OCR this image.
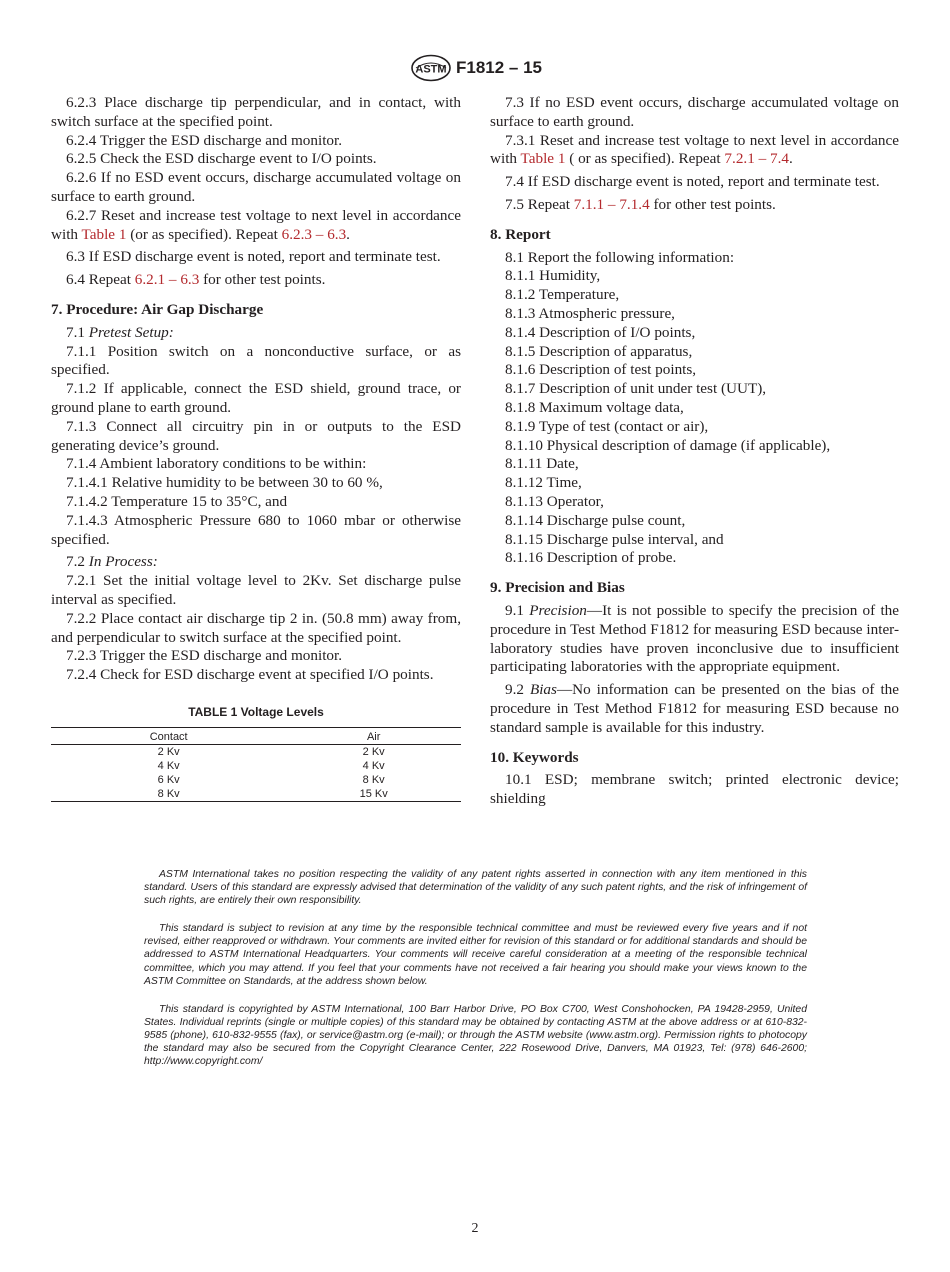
ASTM F1812 – 15

6.2.3 Place discharge tip perpendicular, and in contact, with switch surface at the specified point.

6.2.4 Trigger the ESD discharge and monitor.

6.2.5 Check the ESD discharge event to I/O points.

6.2.6 If no ESD event occurs, discharge accumulated voltage on surface to earth ground.

6.2.7 Reset and increase test voltage to next level in accordance with Table 1 (or as specified). Repeat 6.2.3 – 6.3.

6.3 If ESD discharge event is noted, report and terminate test.

6.4 Repeat 6.2.1 – 6.3 for other test points.

7. Procedure: Air Gap Discharge

7.1 Pretest Setup:

7.1.1 Position switch on a nonconductive surface, or as specified.

7.1.2 If applicable, connect the ESD shield, ground trace, or ground plane to earth ground.

7.1.3 Connect all circuitry pin in or outputs to the ESD generating device’s ground.

7.1.4 Ambient laboratory conditions to be within:

7.1.4.1 Relative humidity to be between 30 to 60 %,

7.1.4.2 Temperature 15 to 35°C, and

7.1.4.3 Atmospheric Pressure 680 to 1060 mbar or otherwise specified.

7.2 In Process:

7.2.1 Set the initial voltage level to 2Kv. Set discharge pulse interval as specified.

7.2.2 Place contact air discharge tip 2 in. (50.8 mm) away from, and perpendicular to switch surface at the specified point.

7.2.3 Trigger the ESD discharge and monitor.

7.2.4 Check for ESD discharge event at specified I/O points.

TABLE 1 Voltage Levels
Contact	Air
2 Kv	2 Kv
4 Kv	4 Kv
6 Kv	8 Kv
8 Kv	15 Kv

7.3 If no ESD event occurs, discharge accumulated voltage on surface to earth ground.

7.3.1 Reset and increase test voltage to next level in accordance with Table 1 ( or as specified). Repeat 7.2.1 – 7.4.

7.4 If ESD discharge event is noted, report and terminate test.

7.5 Repeat 7.1.1 – 7.1.4 for other test points.

8. Report

8.1 Report the following information:

8.1.1 Humidity,

8.1.2 Temperature,

8.1.3 Atmospheric pressure,

8.1.4 Description of I/O points,

8.1.5 Description of apparatus,

8.1.6 Description of test points,

8.1.7 Description of unit under test (UUT),

8.1.8 Maximum voltage data,

8.1.9 Type of test (contact or air),

8.1.10 Physical description of damage (if applicable),

8.1.11 Date,

8.1.12 Time,

8.1.13 Operator,

8.1.14 Discharge pulse count,

8.1.15 Discharge pulse interval, and

8.1.16 Description of probe.

9. Precision and Bias

9.1 Precision—It is not possible to specify the precision of the procedure in Test Method F1812 for measuring ESD because inter-laboratory studies have proven inconclusive due to insufficient participating laboratories with the appropriate equipment.

9.2 Bias—No information can be presented on the bias of the procedure in Test Method F1812 for measuring ESD because no standard sample is available for this industry.

10. Keywords

10.1 ESD; membrane switch; printed electronic device; shielding

ASTM International takes no position respecting the validity of any patent rights asserted in connection with any item mentioned in this standard. Users of this standard are expressly advised that determination of the validity of any such patent rights, and the risk of infringement of such rights, are entirely their own responsibility.

This standard is subject to revision at any time by the responsible technical committee and must be reviewed every five years and if not revised, either reapproved or withdrawn. Your comments are invited either for revision of this standard or for additional standards and should be addressed to ASTM International Headquarters. Your comments will receive careful consideration at a meeting of the responsible technical committee, which you may attend. If you feel that your comments have not received a fair hearing you should make your views known to the ASTM Committee on Standards, at the address shown below.

This standard is copyrighted by ASTM International, 100 Barr Harbor Drive, PO Box C700, West Conshohocken, PA 19428-2959, United States. Individual reprints (single or multiple copies) of this standard may be obtained by contacting ASTM at the above address or at 610-832-9585 (phone), 610-832-9555 (fax), or service@astm.org (e-mail); or through the ASTM website (www.astm.org). Permission rights to photocopy the standard may also be secured from the Copyright Clearance Center, 222 Rosewood Drive, Danvers, MA 01923, Tel: (978) 646-2600; http://www.copyright.com/

2
